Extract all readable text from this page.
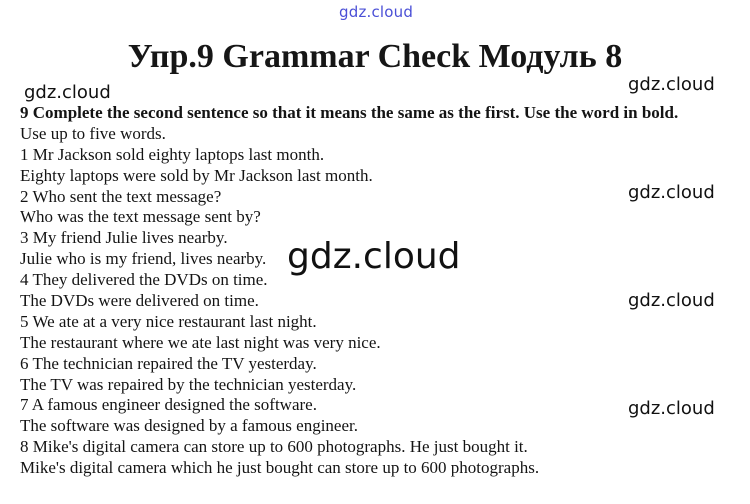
gdz.cloud
Упр.9 Grammar Check Модуль 8
gdz.cloud	gdz.cloud
gdz.cloud
gdz.cloud
gdz.cloud
9 Complete the second sentence so that it means the same as the first. Use the word in bold.
Use up to five words.
1 Mr Jackson sold eighty laptops last month.
Eighty laptops were sold by Mr Jackson last month.
2 Who sent the text message?
Who was the text message sent by?
3 My friend Julie lives nearby.
Julie who is my friend, lives nearby.
4 They delivered the DVDs on time.
The DVDs were delivered on time.
5 We ate at a very nice restaurant last night.
The restaurant where we ate last night was very nice.
6 The technician repaired the TV yesterday.
The TV was repaired by the technician yesterday.
7 A famous engineer designed the software.
The software was designed by a famous engineer.
8 Mike's digital camera can store up to 600 photographs. He just bought it.
Mike's digital camera which he just bought can store up to 600 photographs.
gdz.cloud
